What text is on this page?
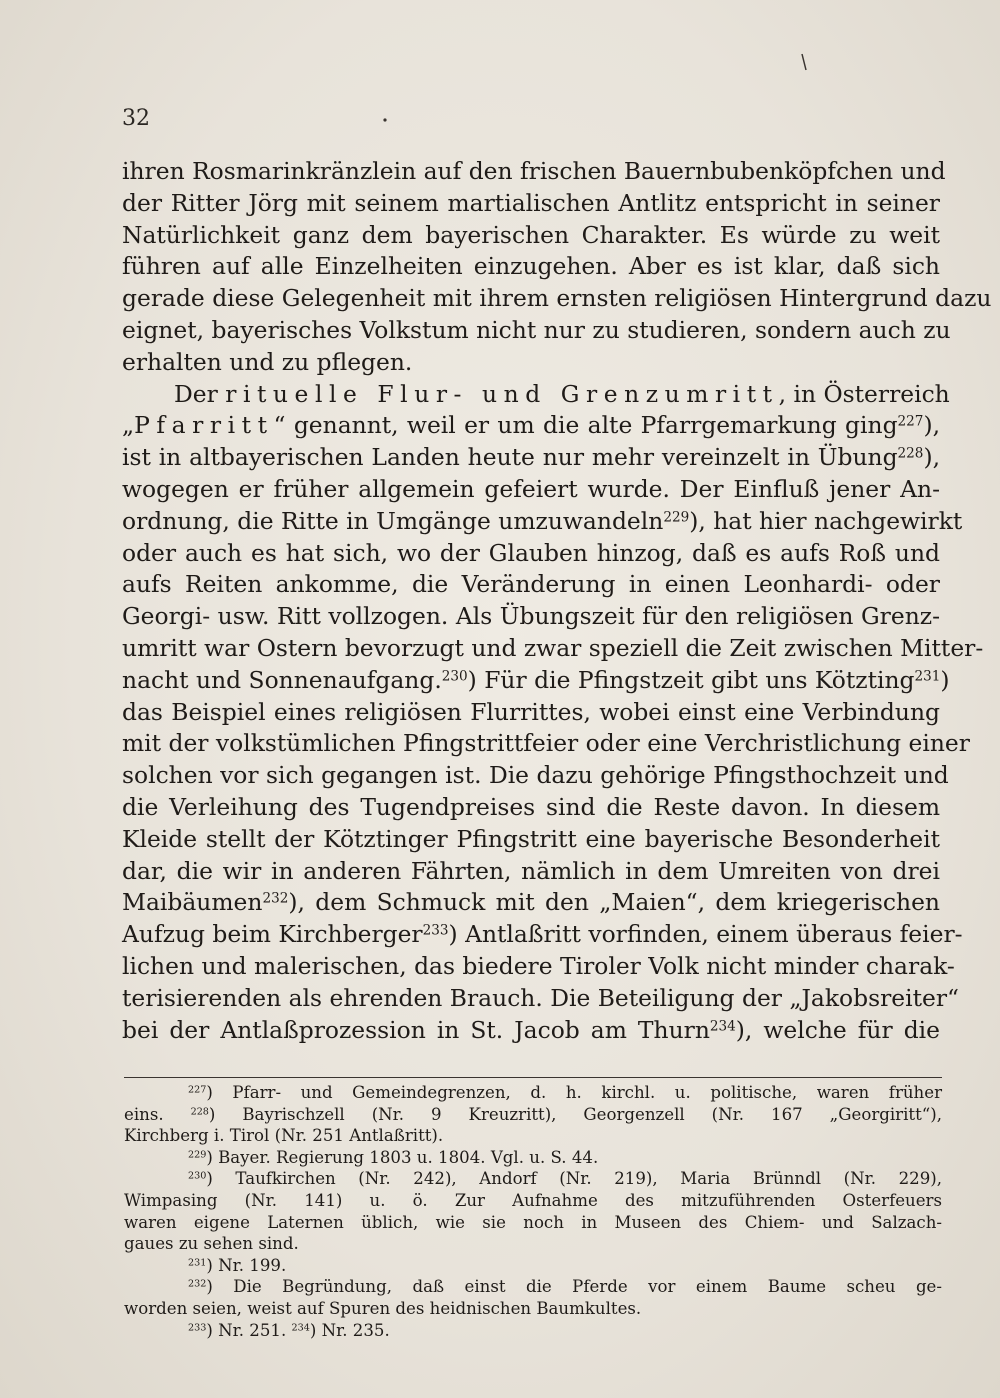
32
ihren Rosmarinkränzlein auf den frischen Bauernbubenköpfchen und
der Ritter Jörg mit seinem martialischen Antlitz entspricht in seiner
Natürlichkeit ganz dem bayerischen Charakter. Es würde zu weit
führen auf alle Einzelheiten einzugehen. Aber es ist klar, daß sich
gerade diese Gelegenheit mit ihrem ernsten religiösen Hintergrund dazu
eignet, bayerisches Volkstum nicht nur zu studieren, sondern auch zu
erhalten und zu pflegen.
Der rituelle Flur- und Grenzumritt, in Österreich
„Pfarritt“ genannt, weil er um die alte Pfarrgemarkung ging$^{227}$),
ist in altbayerischen Landen heute nur mehr vereinzelt in Übung$^{228}$),
wogegen er früher allgemein gefeiert wurde. Der Einfluß jener An-
ordnung, die Ritte in Umgänge umzuwandeln$^{229}$), hat hier nachgewirkt
oder auch es hat sich, wo der Glauben hinzog, daß es aufs Roß und
aufs Reiten ankomme, die Veränderung in einen Leonhardi- oder
Georgi- usw. Ritt vollzogen. Als Übungszeit für den religiösen Grenz-
umritt war Ostern bevorzugt und zwar speziell die Zeit zwischen Mitter-
nacht und Sonnenaufgang.$^{230}$) Für die Pfingstzeit gibt uns Kötzting$^{231}$)
das Beispiel eines religiösen Flurrittes, wobei einst eine Verbindung
mit der volkstümlichen Pfingstrittfeier oder eine Verchristlichung einer
solchen vor sich gegangen ist. Die dazu gehörige Pfingsthochzeit und
die Verleihung des Tugendpreises sind die Reste davon. In diesem
Kleide stellt der Kötztinger Pfingstritt eine bayerische Besonderheit
dar, die wir in anderen Fährten, nämlich in dem Umreiten von drei
Maibäumen$^{232}$), dem Schmuck mit den „Maien“, dem kriegerischen
Aufzug beim Kirchberger$^{233}$) Antlaßritt vorfinden, einem überaus feier-
lichen und malerischen, das biedere Tiroler Volk nicht minder charak-
terisierenden als ehrenden Brauch. Die Beteiligung der „Jakobsreiter“
bei der Antlaßprozession in St. Jacob am Thurn$^{234}$), welche für die
$^{227}$) Pfarr- und Gemeindegrenzen, d. h. kirchl. u. politische, waren früher
eins. $^{228}$) Bayrischzell (Nr. 9 Kreuzritt), Georgenzell (Nr. 167 „Georgiritt“),
Kirchberg i. Tirol (Nr. 251 Antlaßritt).
$^{229}$) Bayer. Regierung 1803 u. 1804. Vgl. u. S. 44.
$^{230}$) Taufkirchen (Nr. 242), Andorf (Nr. 219), Maria Brünndl (Nr. 229),
Wimpasing (Nr. 141) u. ö. Zur Aufnahme des mitzuführenden Osterfeuers
waren eigene Laternen üblich, wie sie noch in Museen des Chiem- und Salzach-
gaues zu sehen sind.
$^{231}$) Nr. 199.
$^{232}$) Die Begründung, daß einst die Pferde vor einem Baume scheu ge-
worden seien, weist auf Spuren des heidnischen Baumkultes.
$^{233}$) Nr. 251. $^{234}$) Nr. 235.
